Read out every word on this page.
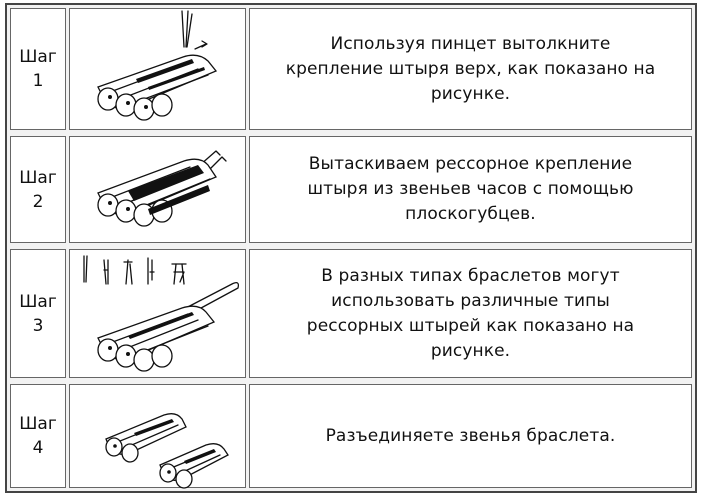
Шаг
1
Используя пинцет вытолкните
крепление штыря верх, как показано на
рисунке.
Шаг
2
Вытаскиваем рессорное крепление
штыря из звеньев часов с помощью
плоскогубцев.
Шаг
3
В разных типах браслетов могут
использовать различные типы
рессорных штырей как показано на
рисунке.
Шаг
4
Разъединяете звенья браслета.
